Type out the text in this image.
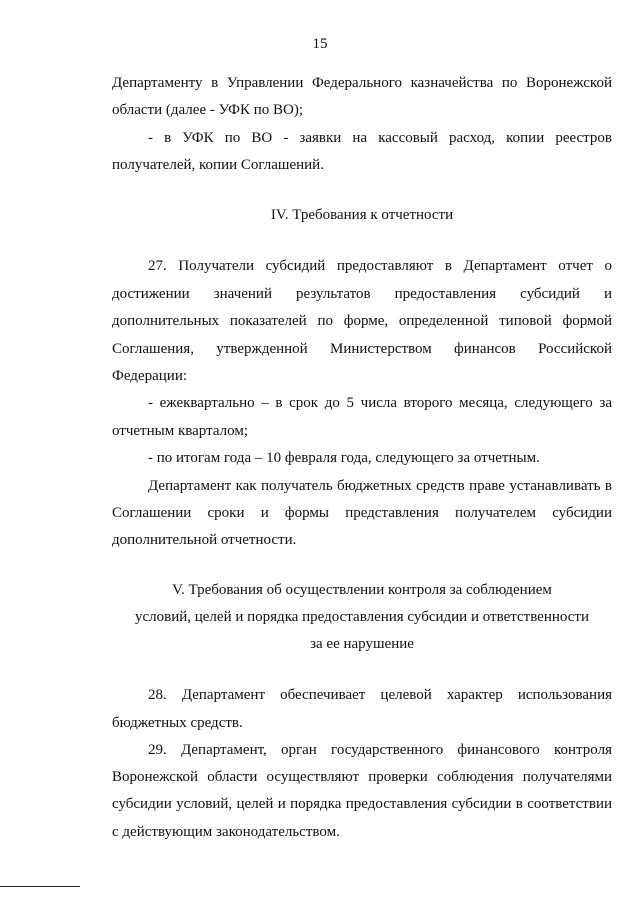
15
Департаменту в Управлении Федерального казначейства по Воронежской
области (далее - УФК по ВО);
- в УФК по ВО - заявки на кассовый расход, копии реестров
получателей, копии Соглашений.
IV. Требования к отчетности
27. Получатели субсидий предоставляют в Департамент отчет о
достижении значений результатов предоставления субсидий и
дополнительных показателей по форме, определенной типовой формой
Соглашения, утвержденной Министерством финансов Российской
Федерации:
- ежеквартально – в срок до 5 числа второго месяца, следующего за
отчетным кварталом;
- по итогам года – 10 февраля года, следующего за отчетным.
Департамент как получатель бюджетных средств праве устанавливать в
Соглашении сроки и формы представления получателем субсидии
дополнительной отчетности.
V. Требования об осуществлении контроля за соблюдением
условий, целей и порядка предоставления субсидии и ответственности
за ее нарушение
28. Департамент обеспечивает целевой характер использования
бюджетных средств.
29. Департамент, орган государственного финансового контроля
Воронежской области осуществляют проверки соблюдения получателями
субсидии условий, целей и порядка предоставления субсидии в соответствии
с действующим законодательством.
